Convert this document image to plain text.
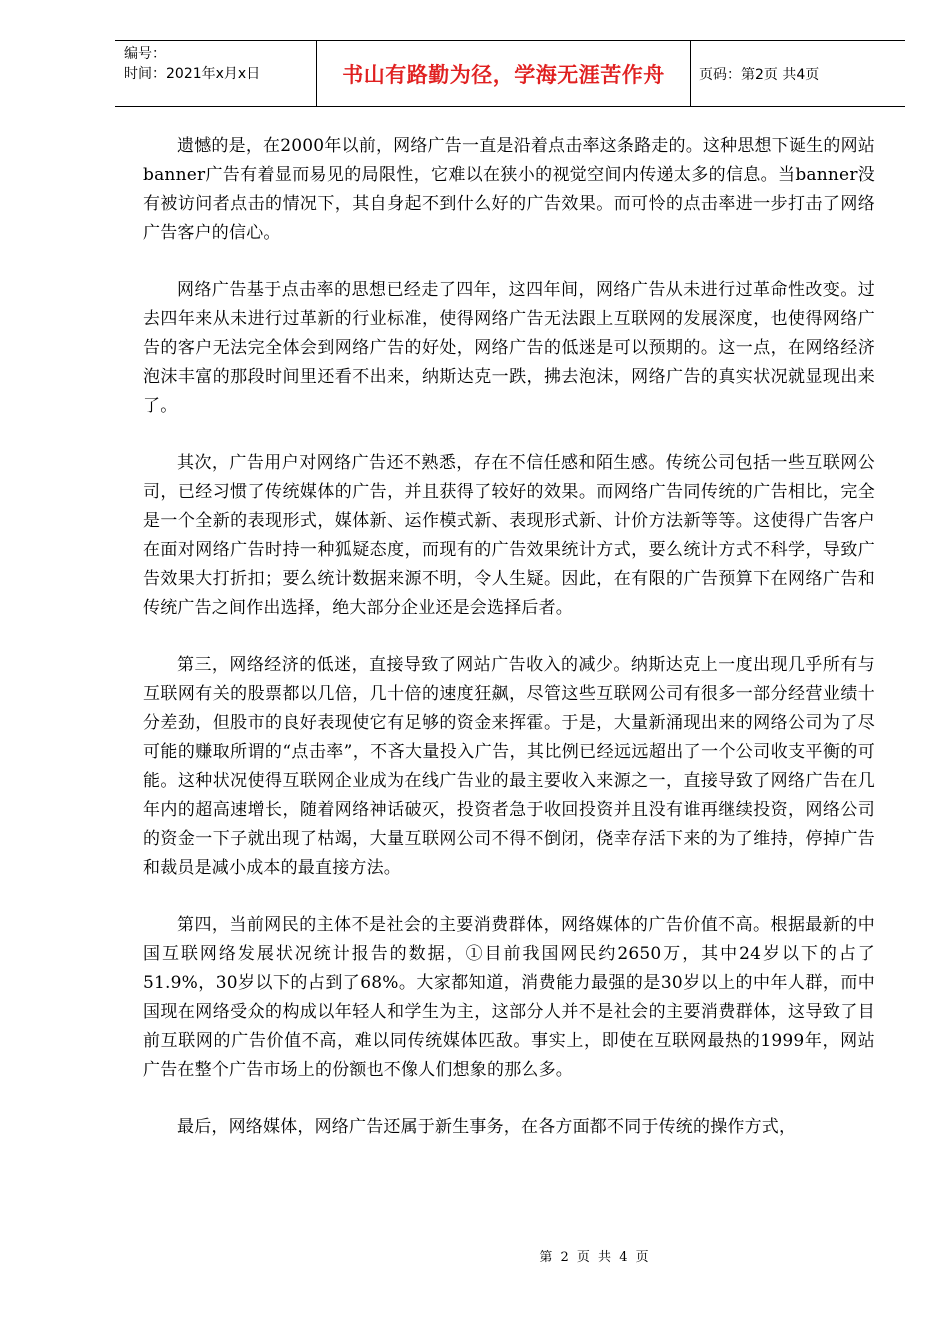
编号：
时间：2021年x月x日	书山有路勤为径，学海无涯苦作舟	页码：第2页 共4页

遗憾的是，在2000年以前，网络广告一直是沿着点击率这条路走的。这种思想下诞生的网站banner广告有着显而易见的局限性，它难以在狭小的视觉空间内传递太多的信息。当banner没有被访问者点击的情况下，其自身起不到什么好的广告效果。而可怜的点击率进一步打击了网络广告客户的信心。

网络广告基于点击率的思想已经走了四年，这四年间，网络广告从未进行过革命性改变。过去四年来从未进行过革新的行业标准，使得网络广告无法跟上互联网的发展深度，也使得网络广告的客户无法完全体会到网络广告的好处，网络广告的低迷是可以预期的。这一点，在网络经济泡沫丰富的那段时间里还看不出来，纳斯达克一跌，拂去泡沫，网络广告的真实状况就显现出来了。

其次，广告用户对网络广告还不熟悉，存在不信任感和陌生感。传统公司包括一些互联网公司，已经习惯了传统媒体的广告，并且获得了较好的效果。而网络广告同传统的广告相比，完全是一个全新的表现形式，媒体新、运作模式新、表现形式新、计价方法新等等。这使得广告客户在面对网络广告时持一种狐疑态度，而现有的广告效果统计方式，要么统计方式不科学，导致广告效果大打折扣；要么统计数据来源不明，令人生疑。因此，在有限的广告预算下在网络广告和传统广告之间作出选择，绝大部分企业还是会选择后者。

第三，网络经济的低迷，直接导致了网站广告收入的减少。纳斯达克上一度出现几乎所有与互联网有关的股票都以几倍，几十倍的速度狂飙，尽管这些互联网公司有很多一部分经营业绩十分差劲，但股市的良好表现使它有足够的资金来挥霍。于是，大量新涌现出来的网络公司为了尽可能的赚取所谓的“点击率”，不吝大量投入广告，其比例已经远远超出了一个公司收支平衡的可能。这种状况使得互联网企业成为在线广告业的最主要收入来源之一，直接导致了网络广告在几年内的超高速增长，随着网络神话破灭，投资者急于收回投资并且没有谁再继续投资，网络公司的资金一下子就出现了枯竭，大量互联网公司不得不倒闭，侥幸存活下来的为了维持，停掉广告和裁员是减小成本的最直接方法。

第四，当前网民的主体不是社会的主要消费群体，网络媒体的广告价值不高。根据最新的中国互联网络发展状况统计报告的数据，①目前我国网民约2650万，其中24岁以下的占了51.9%，30岁以下的占到了68%。大家都知道，消费能力最强的是30岁以上的中年人群，而中国现在网络受众的构成以年轻人和学生为主，这部分人并不是社会的主要消费群体，这导致了目前互联网的广告价值不高，难以同传统媒体匹敌。事实上，即使在互联网最热的1999年，网站广告在整个广告市场上的份额也不像人们想象的那么多。

最后，网络媒体，网络广告还属于新生事务，在各方面都不同于传统的操作方式，

第 2 页 共 4 页
